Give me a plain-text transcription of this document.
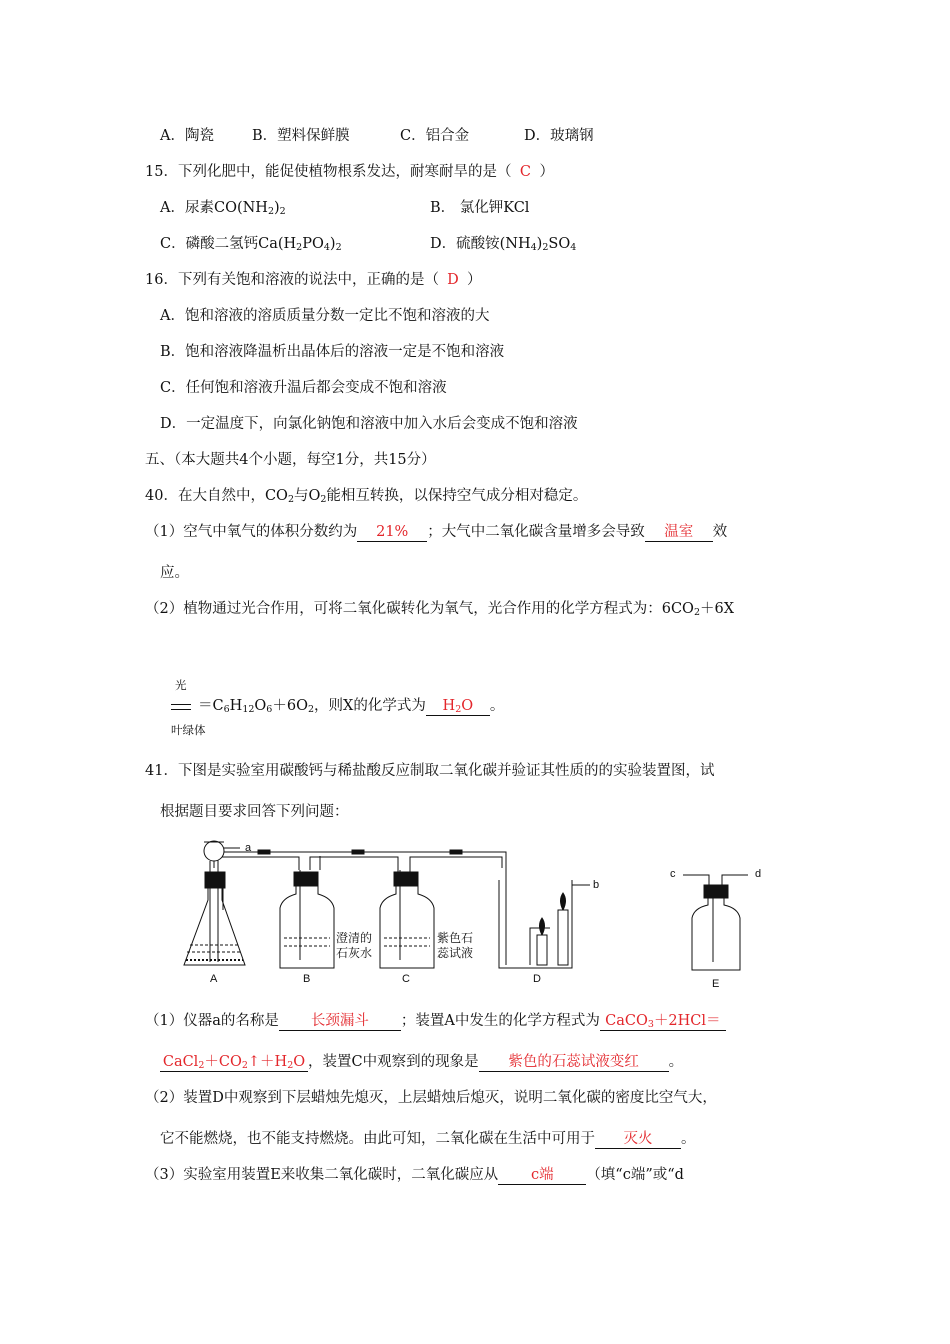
A．陶瓷	B．塑料保鲜膜	C．铝合金	D．玻璃钢
15．下列化肥中，能促使植物根系发达，耐寒耐旱的是（ C ）
A．尿素$CO(NH_2)_2$	B． 氯化钾KCl
C．磷酸二氢钙$Ca(H_2PO_4)_2$	D．硫酸铵$(NH_4)_2SO_4$
16．下列有关饱和溶液的说法中，正确的是（ D ）
A．饱和溶液的溶质质量分数一定比不饱和溶液的大
B．饱和溶液降温析出晶体后的溶液一定是不饱和溶液
C．任何饱和溶液升温后都会变成不饱和溶液
D．一定温度下，向氯化钠饱和溶液中加入水后会变成不饱和溶液
五、（本大题共4个小题，每空1分，共15分）
40．在大自然中，$CO_2$与$O_2$能相互转换，以保持空气成分相对稳定。
（1）空气中氧气的体积分数约为 21% ；大气中二氧化碳含量增多会导致 温室 效
应。
（2）植物通过光合作用，可将二氧化碳转化为氧气，光合作用的化学方程式为：$6CO_2+6X$
光
叶绿体
$=C_6H_{12}O_6+6O_2$，则X的化学式为 $H_2O$ 。
41．下图是实验室用碳酸钙与稀盐酸反应制取二氧化碳并验证其性质的的实验装置图，试
根据题目要求回答下列问题：
a
A	B
澄清的
石灰水
C
紫色石
蕊试液
b
D
c	d
E
（1）仪器a的名称是 长颈漏斗 ；装置A中发生的化学方程式为 CaCO$_3$＋2HCl＝
$CaCl_2+CO_2↑+H_2O$ ，装置C中观察到的现象是 紫色的石蕊试液变红 。
（2）装置D中观察到下层蜡烛先熄灭，上层蜡烛后熄灭，说明二氧化碳的密度比空气大，
它不能燃烧，也不能支持燃烧。由此可知，二氧化碳在生活中可用于 灭火 。
（3）实验室用装置E来收集二氧化碳时，二氧化碳应从 c端 （填“c端”或“d
